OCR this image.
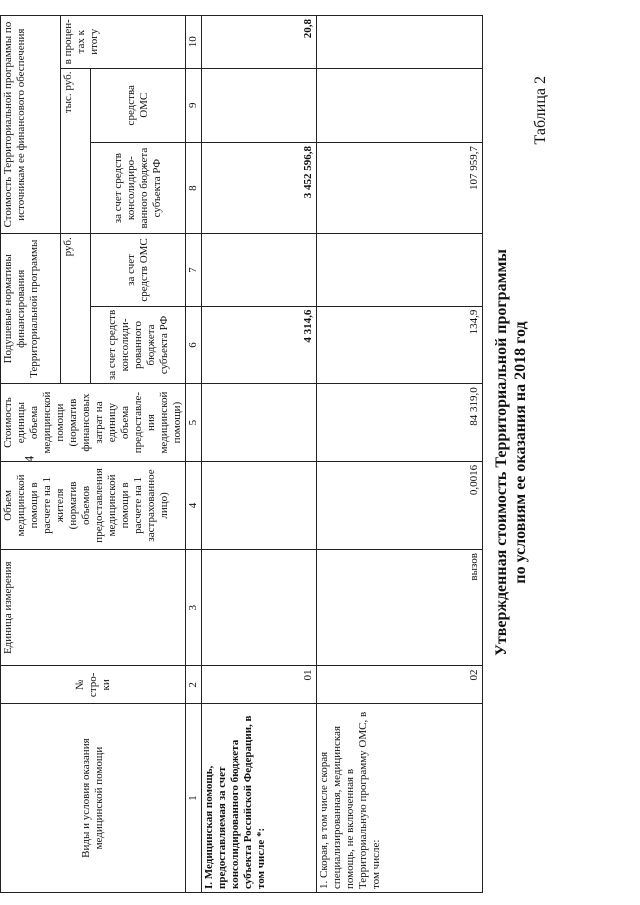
4
Таблица 2
Утвержденная стоимость Территориальной программы по условиям ее оказания на 2018 год
Виды и условия оказания медицинской помощи	№ стро-ки	Единица измерения	Объем медицинской помощи в расчете на 1 жителя (норматив объемов предоставления медицинской помощи в расчете на 1 застрахованное лицо)	Стоимость единицы объема медицинской помощи (норматив финансовых затрат на единицу объема предоставле-ния медицинской помощи)	Подушевые нормативы финансирования Территориальной программы		Стоимость Территориальной программы по источникам ее финансового обеспечения		
					руб.		тыс. руб.		в процен-тах к итогу
					за счет средств консолиди-рованного бюджета субъекта РФ	за счет средств ОМС	за счет средств консолидиро-ванного бюджета субъекта РФ	средства ОМС	
1	2	3	4	5	6	7	8	9	10
I. Медицинская помощь, предоставляемая за счет консолидированного бюджета субъекта Российской Федерации, в том числе *:	01				4 314,6		3 452 596,8		20,8
1. Скорая, в том числе скорая специализированная, медицинская помощь, не включенная в Территориальную программу ОМС, в том числе:	02	вызов	0,0016	84 319,0	134,9		107 959,7		
